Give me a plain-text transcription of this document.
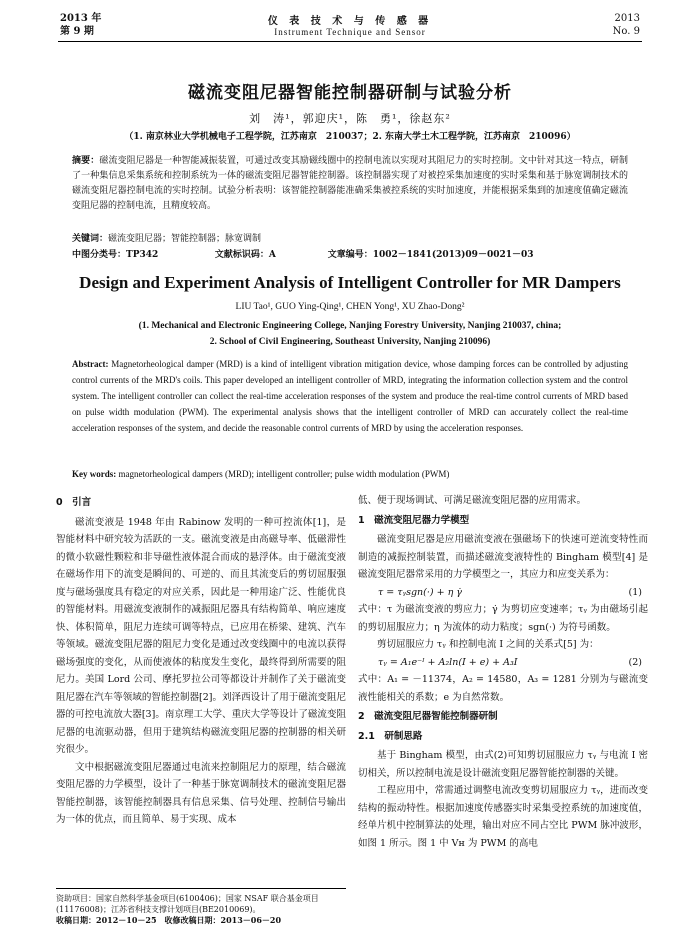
2013 年
第 9 期
仪 表 技 术 与 传 感 器
Instrument Technique and Sensor
2013
No. 9
磁流变阻尼器智能控制器研制与试验分析
刘　涛¹，郭迎庆¹，陈　勇¹，徐赵东²
（1. 南京林业大学机械电子工程学院，江苏南京　210037；2. 东南大学土木工程学院，江苏南京　210096）
摘要：磁流变阻尼器是一种智能减振装置，可通过改变其励磁线圈中的控制电流以实现对其阻尼力的实时控制。文中针对其这一特点，研制了一种集信息采集系统和控制系统为一体的磁流变阻尼器智能控制器。该控制器实现了对被控采集加速度的实时采集和基于脉宽调制技术的磁流变阻尼器控制电流的实时控制。试验分析表明：该智能控制器能准确采集被控系统的实时加速度，并能根据采集到的加速度值确定磁流变阻尼器的控制电流，且精度较高。
关键词：磁流变阻尼器；智能控制器；脉宽调制
中图分类号：TP342	文献标识码：A	文章编号：1002－1841(2013)09－0021－03
Design and Experiment Analysis of Intelligent Controller for MR Dampers
LIU Tao¹, GUO Ying-Qing¹, CHEN Yong¹, XU Zhao-Dong²
(1. Mechanical and Electronic Engineering College, Nanjing Forestry University, Nanjing 210037, china;
2. School of Civil Engineering, Southeast University, Nanjing 210096)
Abstract: Magnetorheological damper (MRD) is a kind of intelligent vibration mitigation device, whose damping forces can be controlled by adjusting control currents of the MRD's coils. This paper developed an intelligent controller of MRD, integrating the information collection system and the control system. The intelligent controller can collect the real-time acceleration responses of the system and produce the real-time control currents of MRD based on pulse width modulation (PWM). The experimental analysis shows that the intelligent controller of MRD can accurately collect the real-time acceleration responses of the system, and decide the reasonable control currents of MRD by using the acceleration responses.
Key words: magnetorheological dampers (MRD); intelligent controller; pulse width modulation (PWM)
0　引言

磁流变液是 1948 年由 Rabinow 发明的一种可控流体[1]，是智能材料中研究较为活跃的一支。磁流变液是由高磁导率、低磁滞性的微小软磁性颗粒和非导磁性液体混合而成的悬浮体。由于磁流变液在磁场作用下的流变是瞬间的、可逆的、而且其流变后的剪切屈服强度与磁场强度具有稳定的对应关系，因此是一种用途广泛、性能优良的智能材料。用磁流变液制作的减振阻尼器具有结构简单、响应速度快、体积简单，阻尼力连续可调等特点，已应用在桥梁、建筑、汽车等领域。磁流变阻尼器的阻尼力变化是通过改变线圈中的电流以获得磁场强度的变化，从而使液体的粘度发生变化，最终得到所需要的阻尼力。美国 Lord 公司、摩托罗拉公司等都设计并制作了关于磁流变阻尼器在汽车等领域的智能控制器[2]。刘泽西设计了用于磁流变阻尼器的可控电流放大器[3]。南京理工大学、重庆大学等设计了磁流变阻尼器的电流驱动器，但用于建筑结构磁流变阻尼器的控制器的相关研究很少。

文中根据磁流变阻尼器通过电流来控制阻尼力的原理，结合磁流变阻尼器的力学模型，设计了一种基于脉宽调制技术的磁流变阻尼器智能控制器，该智能控制器具有信息采集、信号处理、控制信号输出为一体的优点，而且简单、易于实现、成本

低、便于现场调试、可满足磁流变阻尼器的应用需求。

1　磁流变阻尼器力学模型

磁流变阻尼器是应用磁流变液在强磁场下的快速可逆流变特性而制造的减振控制装置，而描述磁流变液特性的 Bingham 模型[4] 是磁流变阻尼器常采用的力学模型之一，其应力和应变关系为：

τ = τᵧsgn(·) + η γ̇	(1)

式中：τ 为磁流变液的剪应力；γ̇ 为剪切应变速率；τᵧ 为由磁场引起的剪切屈服应力；η 为流体的动力粘度；sgn(·) 为符号函数。

剪切屈服应力 τᵧ 和控制电流 I 之间的关系式[5] 为：

τᵧ = A₁e⁻ᴵ + A₂ln(I + e) + A₃I	(2)

式中：A₁ = －11374，A₂ = 14580，A₃ = 1281 分别为与磁流变液性能相关的系数；e 为自然常数。

2　磁流变阻尼器智能控制器研制
2.1　研制思路

基于 Bingham 模型，由式(2)可知剪切屈服应力 τᵧ 与电流 I 密切相关，所以控制电流是设计磁流变阻尼器智能控制器的关键。

工程应用中，常需通过调整电流改变剪切屈服应力 τᵧ，进而改变结构的振动特性。根据加速度传感器实时采集受控系统的加速度值，经单片机中控制算法的处理，输出对应不同占空比 PWM 脉冲波形，如图 1 所示。图 1 中 Vн 为 PWM 的高电

资助项目：国家自然科学基金项目(6100406)；国家 NSAF 联合基金项目(11176008)；江苏省科技支撑计划项目(BE2010069)。
收稿日期：2012－10－25　收修改稿日期：2013－06－20
